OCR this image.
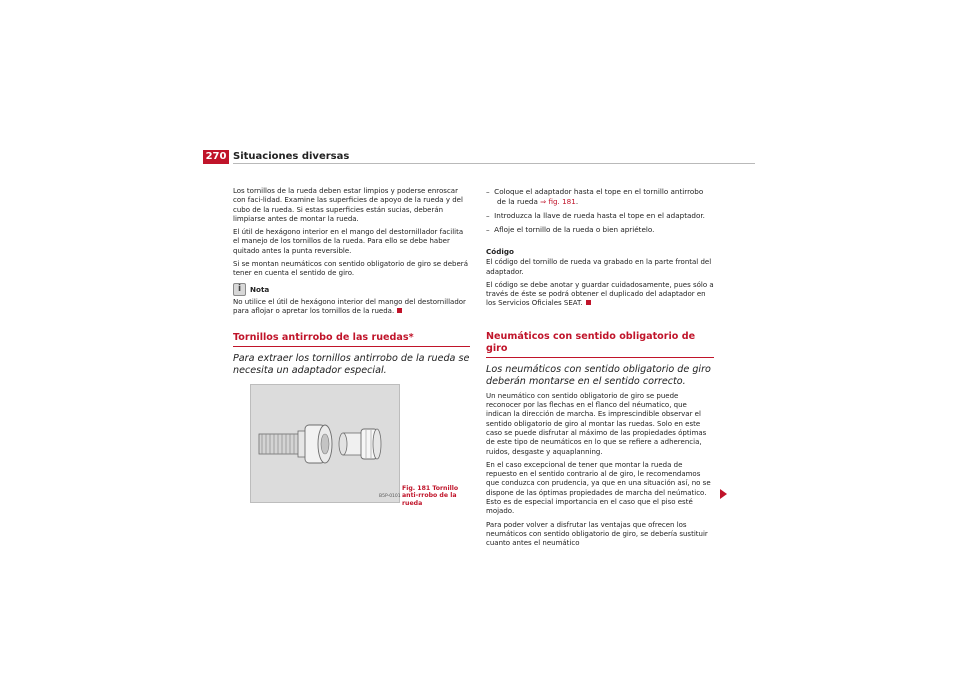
270 Situaciones diversas

Los tornillos de la rueda deben estar limpios y poderse enroscar con faci-lidad. Examine las superficies de apoyo de la rueda y del cubo de la rueda. Si estas superficies están sucias, deberán limpiarse antes de montar la rueda.

El útil de hexágono interior en el mango del destornillador facilita el manejo de los tornillos de la rueda. Para ello se debe haber quitado antes la punta reversible.

Si se montan neumáticos con sentido obligatorio de giro se deberá tener en cuenta el sentido de giro.

i	Nota

No utilice el útil de hexágono interior del mango del destornillador para aflojar o apretar los tornillos de la rueda.

Tornillos antirrobo de las ruedas*

Para extraer los tornillos antirrobo de la rueda se necesita un adaptador especial.

B5P-0101
Fig. 181 Tornillo anti-rrobo de la rueda

–  Coloque el adaptador hasta el tope en el tornillo antirrobo de la rueda ⇒ fig. 181.

–  Introduzca la llave de rueda hasta el tope en el adaptador.

–  Afloje el tornillo de la rueda o bien apriételo.

Código

El código del tornillo de rueda va grabado en la parte frontal del adaptador.

El código se debe anotar y guardar cuidadosamente, pues sólo a través de éste se podrá obtener el duplicado del adaptador en los Servicios Oficiales SEAT.

Neumáticos con sentido obligatorio de giro

Los neumáticos con sentido obligatorio de giro deberán montarse en el sentido correcto.

Un neumático con sentido obligatorio de giro se puede reconocer por las flechas en el flanco del néumatico, que indican la dirección de marcha. Es imprescindible observar el sentido obligatorio de giro al montar las ruedas. Solo en este caso se puede disfrutar al máximo de las propiedades óptimas de este tipo de neumáticos en lo que se refiere a adherencia, ruidos, desgaste y aquaplanning.

En el caso excepcional de tener que montar la rueda de repuesto en el sentido contrario al de giro, le recomendamos que conduzca con prudencia, ya que en una situación así, no se dispone de las óptimas propiedades de marcha del neúmatico. Esto es de especial importancia en el caso que el piso esté mojado.

Para poder volver a disfrutar las ventajas que ofrecen los neumáticos con sentido obligatorio de giro, se debería sustituir cuanto antes el neumático
